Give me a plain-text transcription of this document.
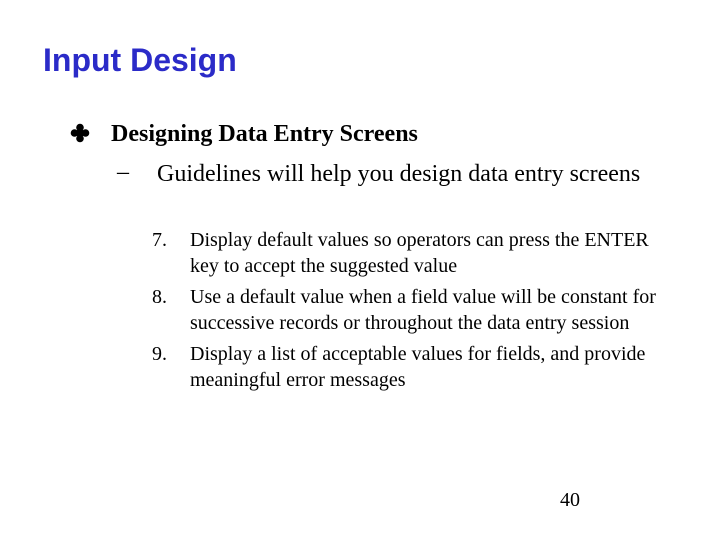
Input Design
Designing Data Entry Screens
– Guidelines will help you design data entry screens
7. Display default values so operators can press the ENTER key to accept the suggested value
8. Use a default value when a field value will be constant for successive records or throughout the data entry session
9. Display a list of acceptable values for fields, and provide meaningful error messages
40
